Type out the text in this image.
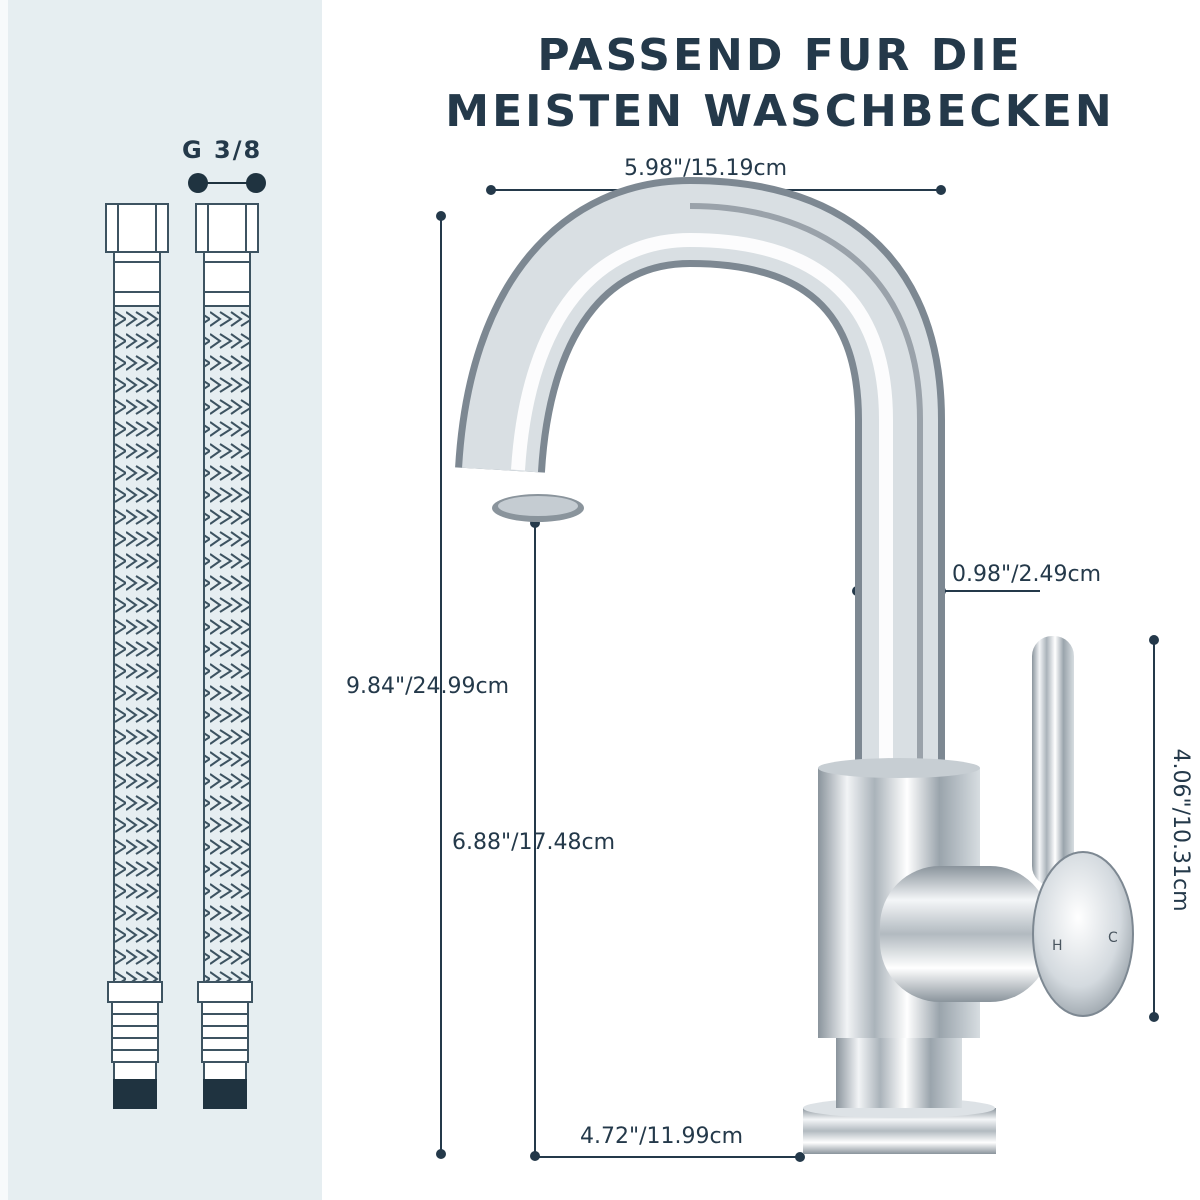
G 3/8
H	C
PASSEND FUR DIE
MEISTEN WASCHBECKEN
5.98"/15.19cm
9.84"/24.99cm
6.88"/17.48cm
0.98"/2.49cm
4.72"/11.99cm
4.06"/10.31cm
